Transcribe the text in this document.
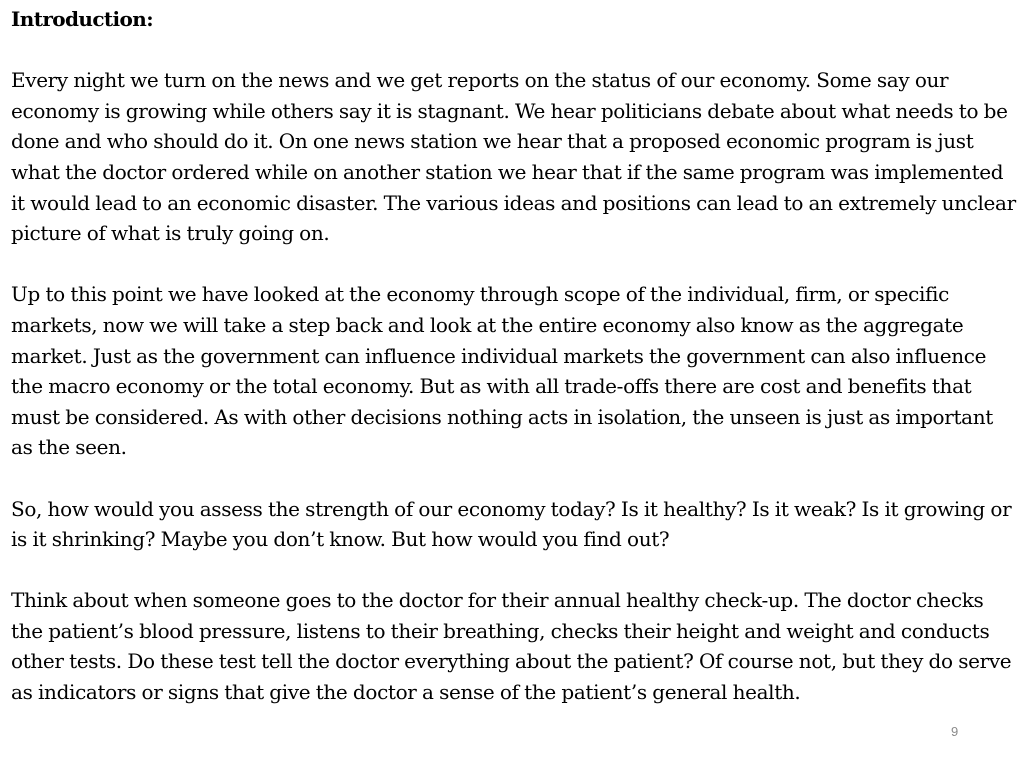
Introduction:

Every night we turn on the news and we get reports on the status of our economy. Some say our economy is growing while others say it is stagnant. We hear politicians debate about what needs to be done and who should do it. On one news station we hear that a proposed economic program is just what the doctor ordered while on another station we hear that if the same program was implemented it would lead to an economic disaster. The various ideas and positions can lead to an extremely unclear picture of what is truly going on.

Up to this point we have looked at the economy through scope of the individual, firm, or specific markets, now we will take a step back and look at the entire economy also know as the aggregate market. Just as the government can influence individual markets the government can also influence the macro economy or the total economy. But as with all trade-offs there are cost and benefits that must be considered. As with other decisions nothing acts in isolation, the unseen is just as important as the seen.

So, how would you assess the strength of our economy today? Is it healthy? Is it weak? Is it growing or is it shrinking? Maybe you don’t know. But how would you find out?

Think about when someone goes to the doctor for their annual healthy check-up. The doctor checks the patient’s blood pressure, listens to their breathing, checks their height and weight and conducts other tests. Do these test tell the doctor everything about the patient? Of course not, but they do serve as indicators or signs that give the doctor a sense of the patient’s general health.

9
